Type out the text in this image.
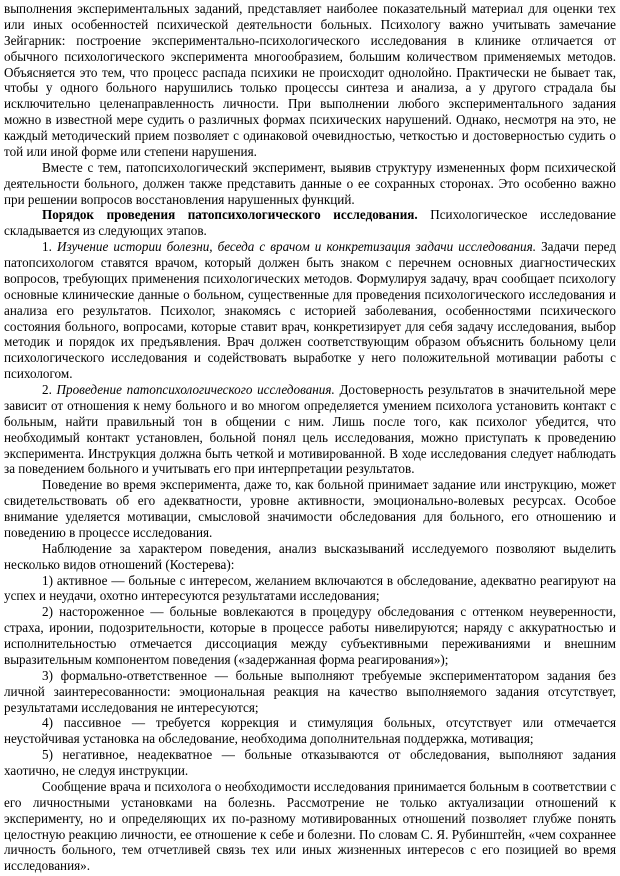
выполнения экспериментальных заданий, представляет наиболее показательный материал для оценки тех или иных особенностей психической деятельности больных. Психологу важно учитывать замечание Зейгарник: построение экспериментально-психологического исследования в клинике отличается от обычного психологического эксперимента многообразием, большим количеством применяемых методов. Объясняется это тем, что процесс распада психики не происходит однолойно. Практически не бывает так, чтобы у одного больного нарушились только процессы синтеза и анализа, а у другого страдала бы исключительно целенаправленность личности. При выполнении любого экспериментального задания можно в известной мере судить о различных формах психических нарушений. Однако, несмотря на это, не каждый методический прием позволяет с одинаковой очевидностью, четкостью и достоверностью судить о той или иной форме или степени нарушения.

Вместе с тем, патопсихологический эксперимент, выявив структуру измененных форм психической деятельности больного, должен также представить данные о ее сохранных сторонах. Это особенно важно при решении вопросов восстановления нарушенных функций.

Порядок проведения патопсихологического исследования. Психологическое исследование складывается из следующих этапов.

1. Изучение истории болезни, беседа с врачом и конкретизация задачи исследования. Задачи перед патопсихологом ставятся врачом, который должен быть знаком с перечнем основных диагностических вопросов, требующих применения психологических методов. Формулируя задачу, врач сообщает психологу основные клинические данные о больном, существенные для проведения психологического исследования и анализа его результатов. Психолог, знакомясь с историей заболевания, особенностями психического состояния больного, вопросами, которые ставит врач, конкретизирует для себя задачу исследования, выбор методик и порядок их предъявления. Врач должен соответствующим образом объяснить больному цели психологического исследования и содействовать выработке у него положительной мотивации работы с психологом.

2. Проведение патопсихологического исследования. Достоверность результатов в значительной мере зависит от отношения к нему больного и во многом определяется умением психолога установить контакт с больным, найти правильный тон в общении с ним. Лишь после того, как психолог убедится, что необходимый контакт установлен, больной понял цель исследования, можно приступать к проведению эксперимента. Инструкция должна быть четкой и мотивированной. В ходе исследования следует наблюдать за поведением больного и учитывать его при интерпретации результатов.

Поведение во время эксперимента, даже то, как больной принимает задание или инструкцию, может свидетельствовать об его адекватности, уровне активности, эмоционально-волевых ресурсах. Особое внимание уделяется мотивации, смысловой значимости обследования для больного, его отношению и поведению в процессе исследования.

Наблюдение за характером поведения, анализ высказываний исследуемого позволяют выделить несколько видов отношений (Костерева):

1) активное — больные с интересом, желанием включаются в обследование, адекватно реагируют на успех и неудачи, охотно интересуются результатами исследования;

2) настороженное — больные вовлекаются в процедуру обследования с оттенком неуверенности, страха, иронии, подозрительности, которые в процессе работы нивелируются; наряду с аккуратностью и исполнительностью отмечается диссоциация между субъективными переживаниями и внешним выразительным компонентом поведения («задержанная форма реагирования»);

3) формально-ответственное — больные выполняют требуемые экспериментатором задания без личной заинтересованности: эмоциональная реакция на качество выполняемого задания отсутствует, результатами исследования не интересуются;

4) пассивное — требуется коррекция и стимуляция больных, отсутствует или отмечается неустойчивая установка на обследование, необходима дополнительная поддержка, мотивация;

5) негативное, неадекватное — больные отказываются от обследования, выполняют задания хаотично, не следуя инструкции.

Сообщение врача и психолога о необходимости исследования принимается больным в соответствии с его личностными установками на болезнь. Рассмотрение не только актуализации отношений к эксперименту, но и определяющих их по-разному мотивированных отношений позволяет глубже понять целостную реакцию личности, ее отношение к себе и болезни. По словам С. Я. Рубинштейн, «чем сохраннее личность больного, тем отчетливей связь тех или иных жизненных интересов с его позицией во время исследования».
